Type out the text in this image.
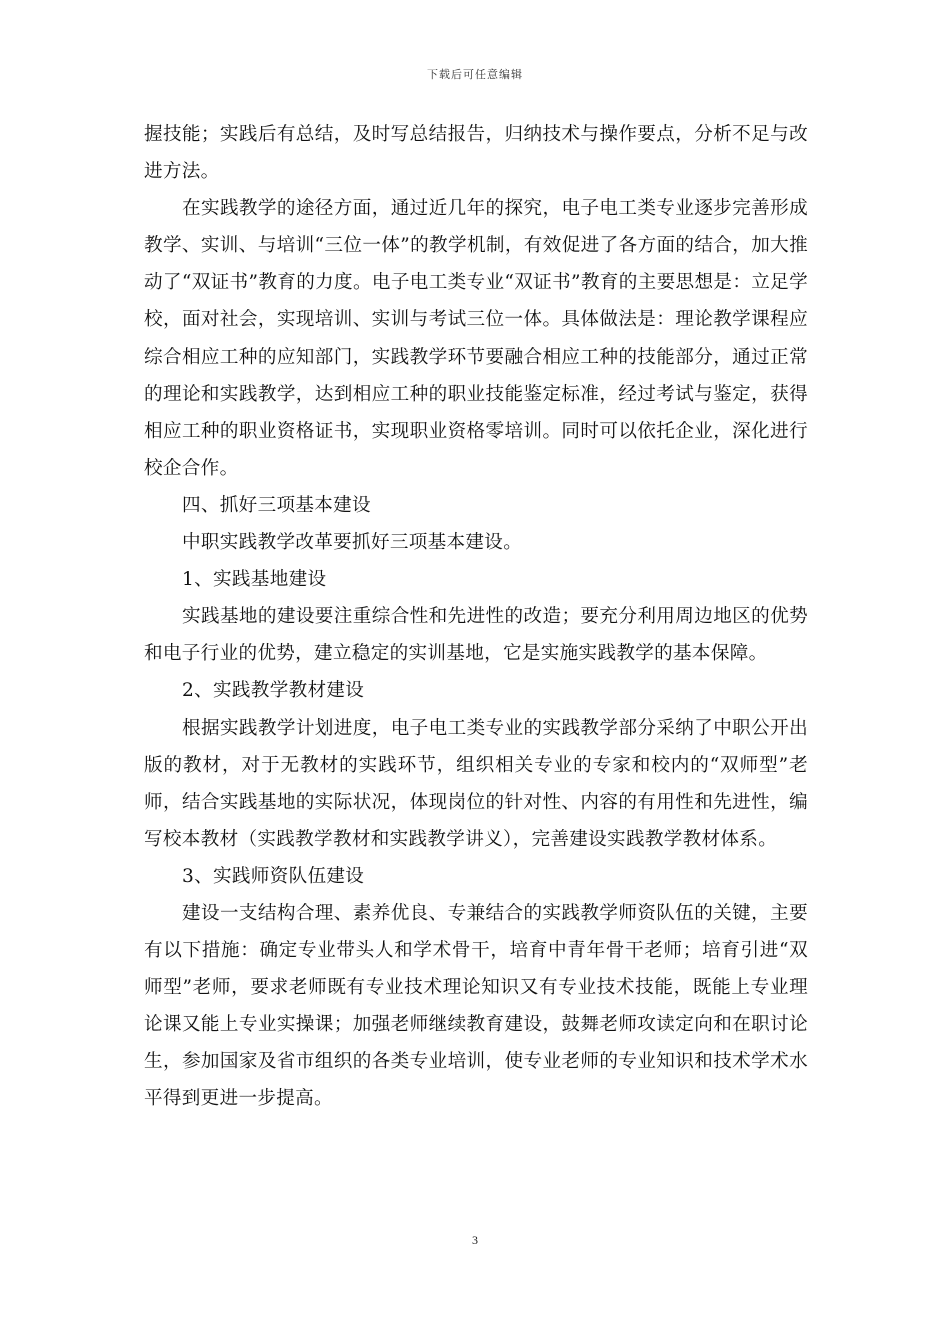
下载后可任意编辑

握技能；实践后有总结，及时写总结报告，归纳技术与操作要点，分析不足与改进方法。

在实践教学的途径方面，通过近几年的探究，电子电工类专业逐步完善形成教学、实训、与培训“三位一体”的教学机制，有效促进了各方面的结合，加大推动了“双证书”教育的力度。电子电工类专业“双证书”教育的主要思想是：立足学校，面对社会，实现培训、实训与考试三位一体。具体做法是：理论教学课程应综合相应工种的应知部门，实践教学环节要融合相应工种的技能部分，通过正常的理论和实践教学，达到相应工种的职业技能鉴定标准，经过考试与鉴定，获得相应工种的职业资格证书，实现职业资格零培训。同时可以依托企业，深化进行校企合作。

四、抓好三项基本建设

中职实践教学改革要抓好三项基本建设。

1、实践基地建设

实践基地的建设要注重综合性和先进性的改造；要充分利用周边地区的优势和电子行业的优势，建立稳定的实训基地，它是实施实践教学的基本保障。

2、实践教学教材建设

根据实践教学计划进度，电子电工类专业的实践教学部分采纳了中职公开出版的教材，对于无教材的实践环节，组织相关专业的专家和校内的“双师型”老师，结合实践基地的实际状况，体现岗位的针对性、内容的有用性和先进性，编写校本教材（实践教学教材和实践教学讲义），完善建设实践教学教材体系。

3、实践师资队伍建设

建设一支结构合理、素养优良、专兼结合的实践教学师资队伍的关键，主要有以下措施：确定专业带头人和学术骨干，培育中青年骨干老师；培育引进“双师型”老师，要求老师既有专业技术理论知识又有专业技术技能，既能上专业理论课又能上专业实操课；加强老师继续教育建设，鼓舞老师攻读定向和在职讨论生，参加国家及省市组织的各类专业培训，使专业老师的专业知识和技术学术水平得到更进一步提高。

3
